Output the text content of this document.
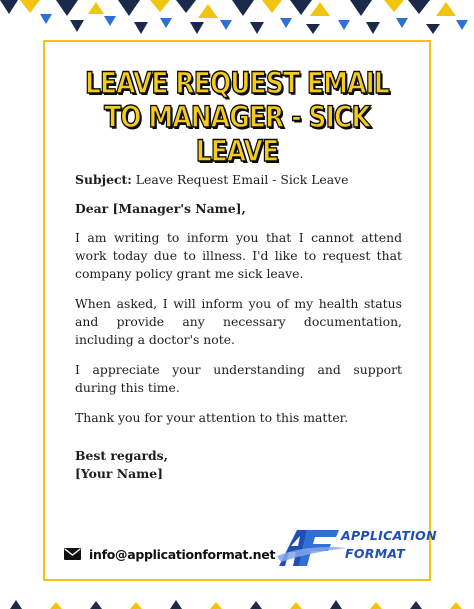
LEAVE REQUEST EMAIL
TO MANAGER - SICK LEAVE

Subject: Leave Request Email - Sick Leave

Dear [Manager's Name],

I am writing to inform you that I cannot attend work today due to illness. I'd like to request that company policy grant me sick leave.

When asked, I will inform you of my health status and provide any necessary documentation, including a doctor's note.

I appreciate your understanding and support during this time.

Thank you for your attention to this matter.

Best regards,

[Your Name]

info@applicationformat.net
APPLICATION
FORMAT
